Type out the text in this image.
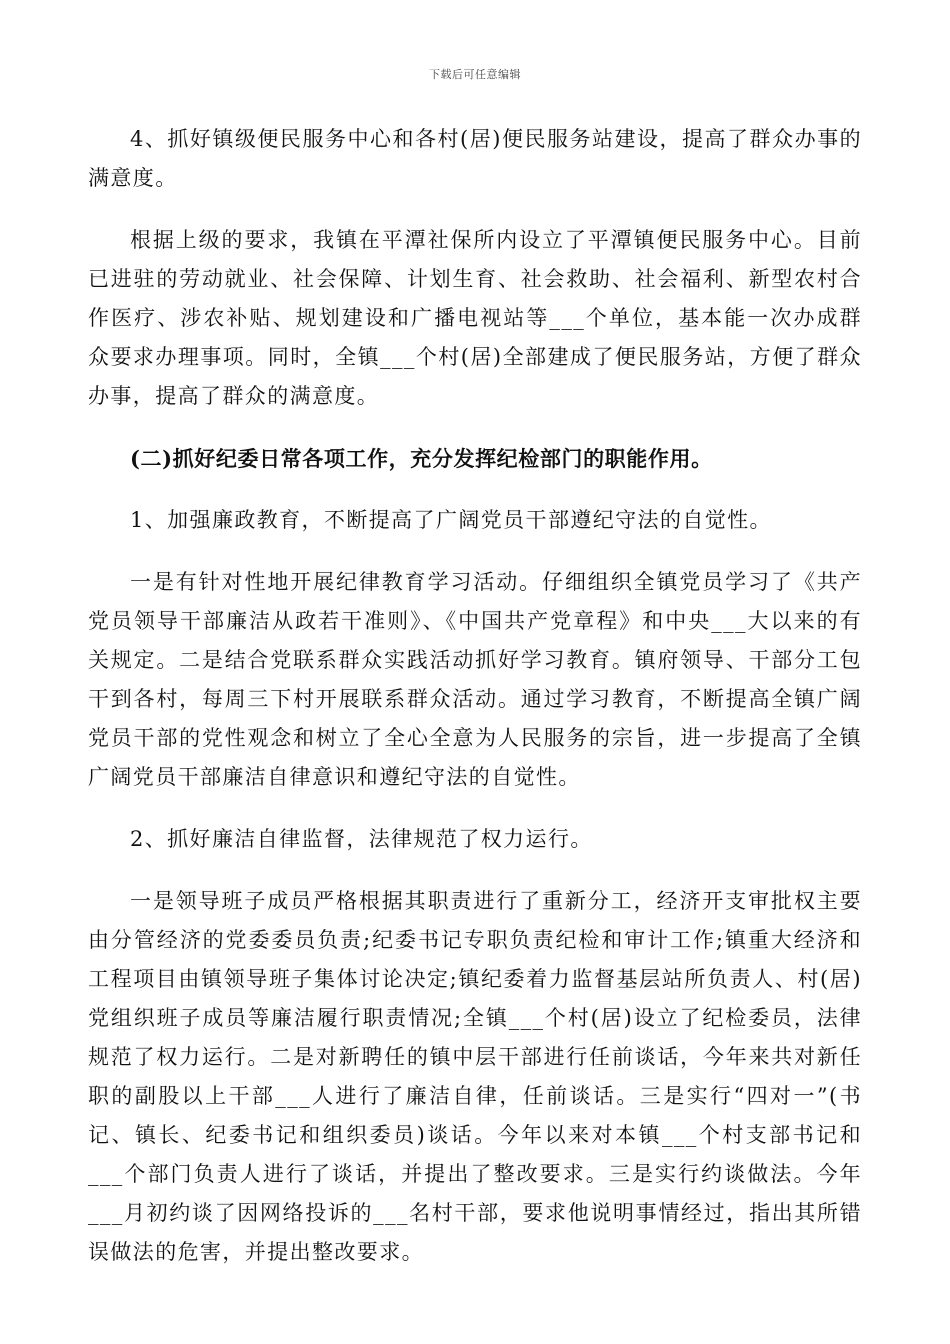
下载后可任意编辑

4、抓好镇级便民服务中心和各村(居)便民服务站建设，提高了群众办事的满意度。

根据上级的要求，我镇在平潭社保所内设立了平潭镇便民服务中心。目前已进驻的劳动就业、社会保障、计划生育、社会救助、社会福利、新型农村合作医疗、涉农补贴、规划建设和广播电视站等___个单位，基本能一次办成群众要求办理事项。同时，全镇___个村(居)全部建成了便民服务站，方便了群众办事，提高了群众的满意度。

(二)抓好纪委日常各项工作，充分发挥纪检部门的职能作用。

1、加强廉政教育，不断提高了广阔党员干部遵纪守法的自觉性。

一是有针对性地开展纪律教育学习活动。仔细组织全镇党员学习了《共产党员领导干部廉洁从政若干准则》、《中国共产党章程》和中央___大以来的有关规定。二是结合党联系群众实践活动抓好学习教育。镇府领导、干部分工包干到各村，每周三下村开展联系群众活动。通过学习教育，不断提高全镇广阔党员干部的党性观念和树立了全心全意为人民服务的宗旨，进一步提高了全镇广阔党员干部廉洁自律意识和遵纪守法的自觉性。

2、抓好廉洁自律监督，法律规范了权力运行。

一是领导班子成员严格根据其职责进行了重新分工，经济开支审批权主要由分管经济的党委委员负责;纪委书记专职负责纪检和审计工作;镇重大经济和工程项目由镇领导班子集体讨论决定;镇纪委着力监督基层站所负责人、村(居)党组织班子成员等廉洁履行职责情况;全镇___个村(居)设立了纪检委员，法律规范了权力运行。二是对新聘任的镇中层干部进行任前谈话，今年来共对新任职的副股以上干部___人进行了廉洁自律，任前谈话。三是实行“四对一”(书记、镇长、纪委书记和组织委员)谈话。今年以来对本镇___个村支部书记和___个部门负责人进行了谈话，并提出了整改要求。三是实行约谈做法。今年___月初约谈了因网络投诉的___名村干部，要求他说明事情经过，指出其所错误做法的危害，并提出整改要求。
